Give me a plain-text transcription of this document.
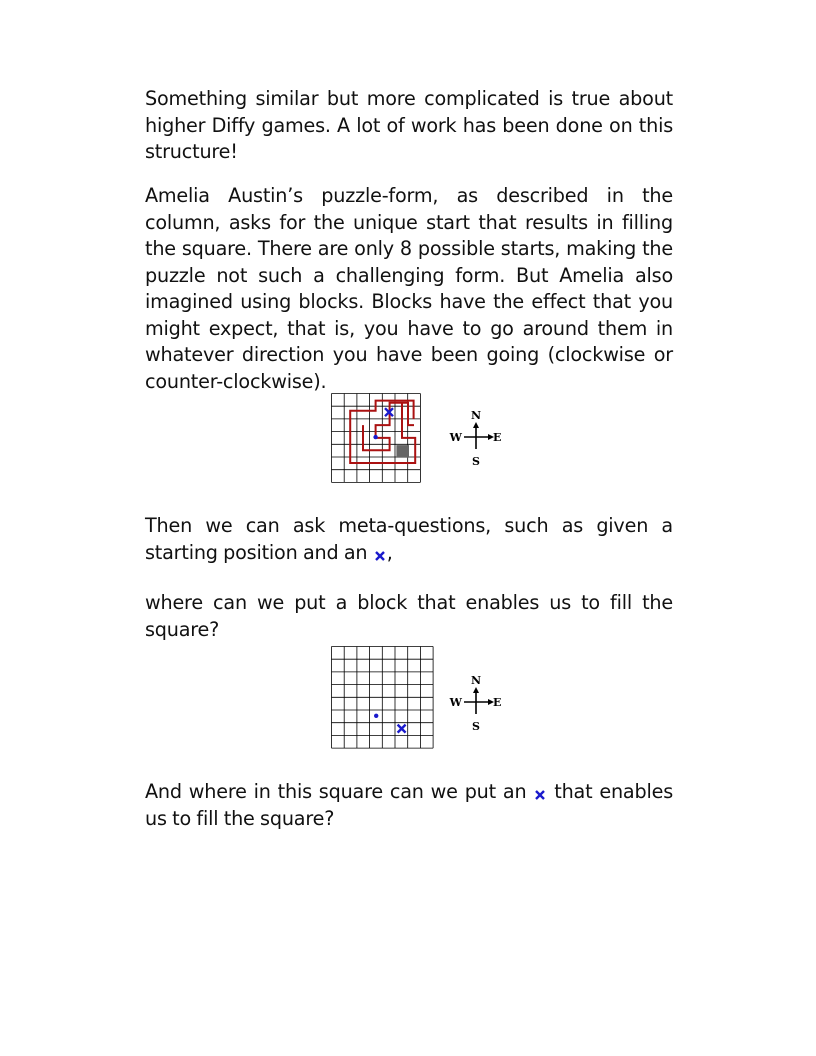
Something similar but more complicated is true about higher Diffy games. A lot of work has been done on this structure!
Amelia Austin’s puzzle-form, as described in the column, asks for the unique start that results in filling the square. There are only 8 possible starts, making the puzzle not such a challenging form. But Amelia also imagined using blocks. Blocks have the effect that you might expect, that is, you have to go around them in whatever direction you have been going (clockwise or counter-clockwise).
Then we can ask meta-questions, such as given a starting position and an ,
where can we put a block that enables us to fill the square?
And where in this square can we put an  that enables us to fill the square?
N
S
W	E
N
S
W	E
